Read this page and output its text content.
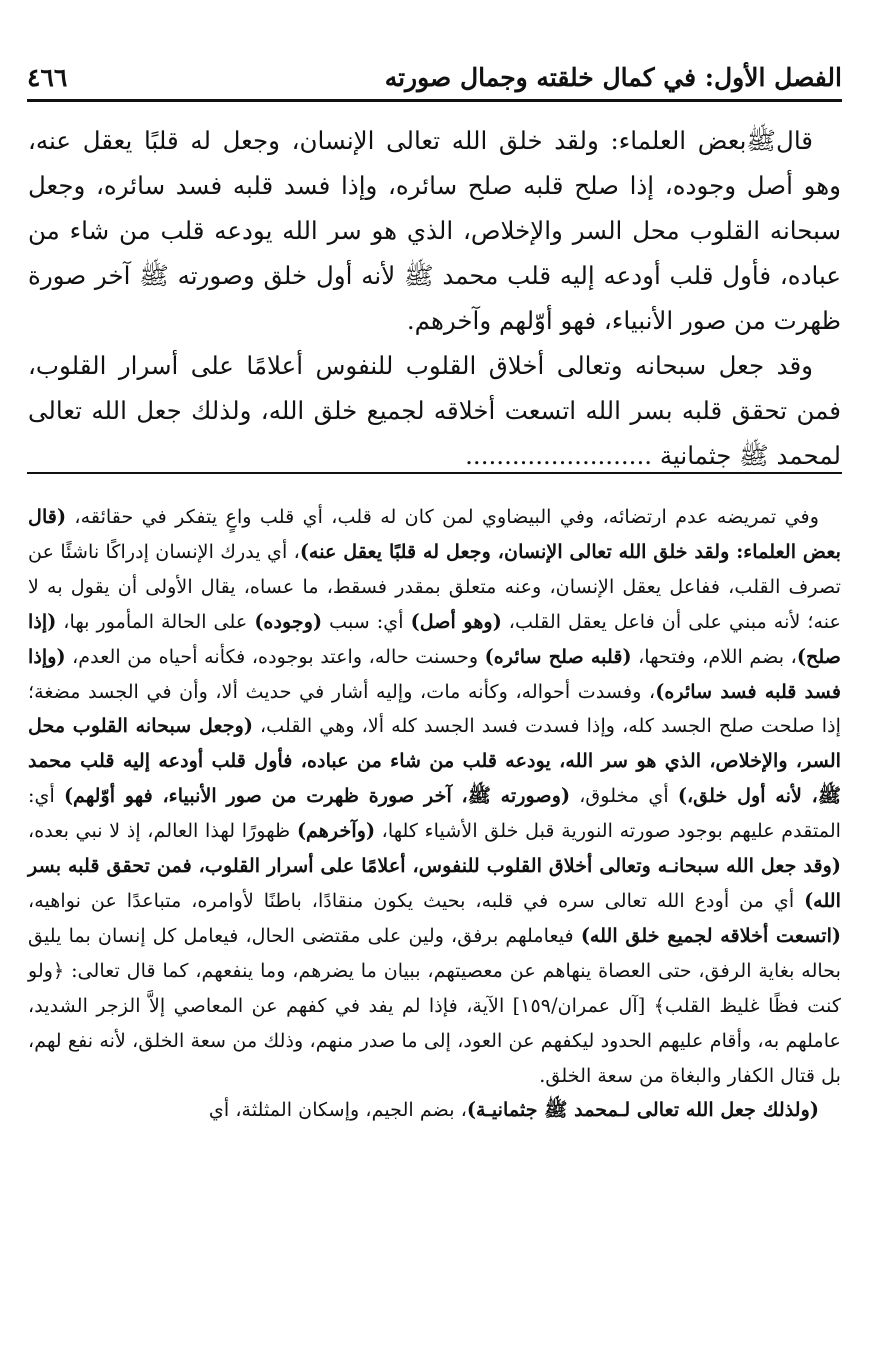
الفصل الأول: في كمال خلقته وجمال صورته
٤٦٦

قالﷺبعض العلماء: ولقد خلق الله تعالى الإنسان، وجعل له قلبًا يعقل عنه، وهو أصل وجوده، إذا صلح قلبه صلح سائره، وإذا فسد قلبه فسد سائره، وجعل سبحانه القلوب محل السر والإخلاص، الذي هو سر الله يودعه قلب من شاء من عباده، فأول قلب أودعه إليه قلب محمد ﷺ لأنه أول خلق وصورته ﷺ آخر صورة ظهرت من صور الأنبياء، فهو أوّلهم وآخرهم.

وقد جعل سبحانه وتعالى أخلاق القلوب للنفوس أعلامًا على أسرار القلوب، فمن تحقق قلبه بسر الله اتسعت أخلاقه لجميع خلق الله، ولذلك جعل الله تعالى لمحمد ﷺ جثمانية ........................

وفي تمريضه عدم ارتضائه، وفي البيضاوي لمن كان له قلب، أي قلب واعٍ يتفكر في حقائقه، (قال بعض العلماء: ولقد خلق الله تعالى الإنسان، وجعل له قلبًا يعقل عنه)، أي يدرك الإنسان إدراكًا ناشئًا عن تصرف القلب، ففاعل يعقل الإنسان، وعنه متعلق بمقدر فسقط، ما عساه، يقال الأولى أن يقول به لا عنه؛ لأنه مبني على أن فاعل يعقل القلب، (وهو أصل) أي: سبب (وجوده) على الحالة المأمور بها، (إذا صلح)، بضم اللام، وفتحها، (قلبه صلح سائره) وحسنت حاله، واعتد بوجوده، فكأنه أحياه من العدم، (وإذا فسد قلبه فسد سائره)، وفسدت أحواله، وكأنه مات، وإليه أشار في حديث ألا، وأن في الجسد مضغة؛ إذا صلحت صلح الجسد كله، وإذا فسدت فسد الجسد كله ألا، وهي القلب، (وجعل سبحانه القلوب محل السر، والإخلاص، الذي هو سر الله، يودعه قلب من شاء من عباده، فأول قلب أودعه إليه قلب محمد ﷺ، لأنه أول خلق،) أي مخلوق، (وصورته ﷺ، آخر صورة ظهرت من صور الأنبياء، فهو أوّلهم) أي: المتقدم عليهم بوجود صورته النورية قبل خلق الأشياء كلها، (وآخرهم) ظهورًا لهذا العالم، إذ لا نبي بعده، (وقد جعل الله سبحانـه وتعالى أخلاق القلوب للنفوس، أعلامًا على أسرار القلوب، فمن تحقق قلبه بسر الله) أي من أودع الله تعالى سره في قلبه، بحيث يكون منقادًا، باطنًا لأوامره، متباعدًا عن نواهيه، (اتسعت أخلاقه لجميع خلق الله) فيعاملهم برفق، ولين على مقتضى الحال، فيعامل كل إنسان بما يليق بحاله بغاية الرفق، حتى العصاة ينهاهم عن معصيتهم، ببيان ما يضرهم، وما ينفعهم، كما قال تعالى: ﴿ولو كنت فظًا غليظ القلب﴾ [آل عمران/١٥٩] الآية، فإذا لم يفد في كفهم عن المعاصي إلاَّ الزجر الشديد، عاملهم به، وأقام عليهم الحدود ليكفهم عن العود، إلى ما صدر منهم، وذلك من سعة الخلق، لأنه نفع لهم، بل قتال الكفار والبغاة من سعة الخلق.

(ولذلك جعل الله تعالى لـمحمد ﷺ جثمانيـة)، بضم الجيم، وإسكان المثلثة، أي
